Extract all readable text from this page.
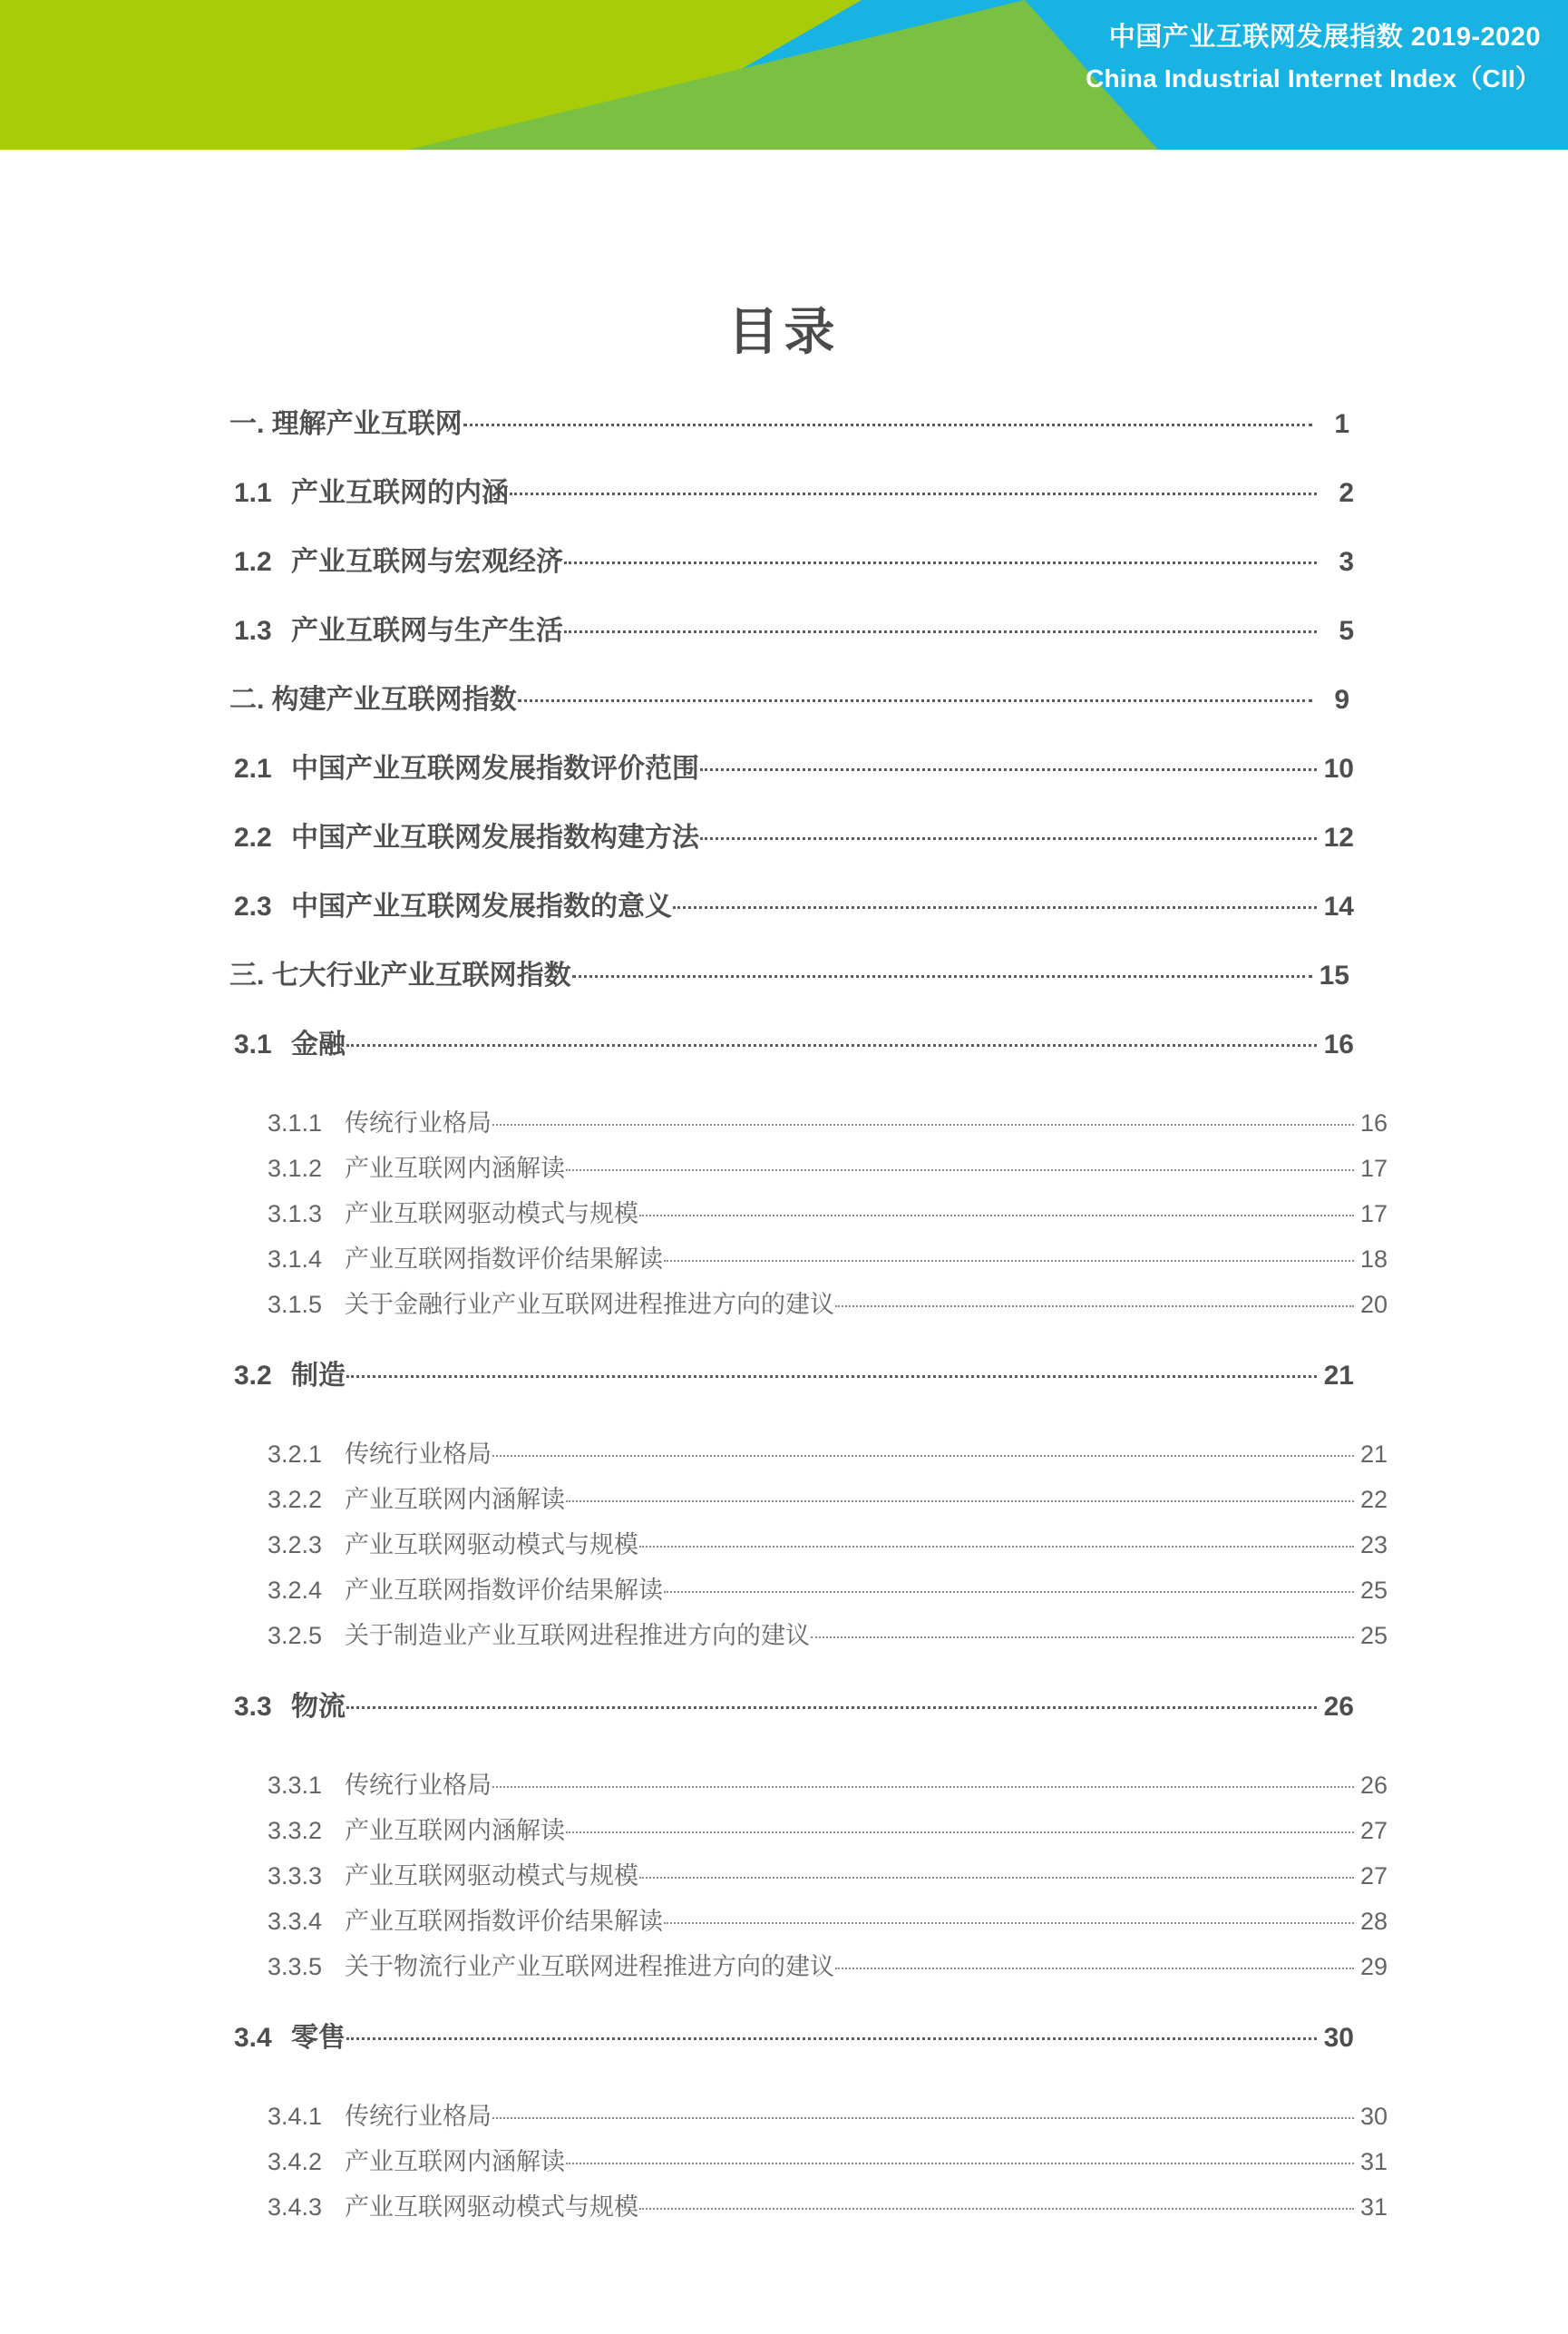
中国产业互联网发展指数 2019-2020
China Industrial Internet Index（CII）
目录
一. 理解产业互联网	1
1.1 产业互联网的内涵	2
1.2 产业互联网与宏观经济	3
1.3 产业互联网与生产生活	5
二. 构建产业互联网指数	9
2.1 中国产业互联网发展指数评价范围	10
2.2 中国产业互联网发展指数构建方法	12
2.3 中国产业互联网发展指数的意义	14
三. 七大行业产业互联网指数	15
3.1 金融	16
3.1.1 传统行业格局	16
3.1.2 产业互联网内涵解读	17
3.1.3 产业互联网驱动模式与规模	17
3.1.4 产业互联网指数评价结果解读	18
3.1.5 关于金融行业产业互联网进程推进方向的建议	20
3.2 制造	21
3.2.1 传统行业格局	21
3.2.2 产业互联网内涵解读	22
3.2.3 产业互联网驱动模式与规模	23
3.2.4 产业互联网指数评价结果解读	25
3.2.5 关于制造业产业互联网进程推进方向的建议	25
3.3 物流	26
3.3.1 传统行业格局	26
3.3.2 产业互联网内涵解读	27
3.3.3 产业互联网驱动模式与规模	27
3.3.4 产业互联网指数评价结果解读	28
3.3.5 关于物流行业产业互联网进程推进方向的建议	29
3.4 零售	30
3.4.1 传统行业格局	30
3.4.2 产业互联网内涵解读	31
3.4.3 产业互联网驱动模式与规模	31
